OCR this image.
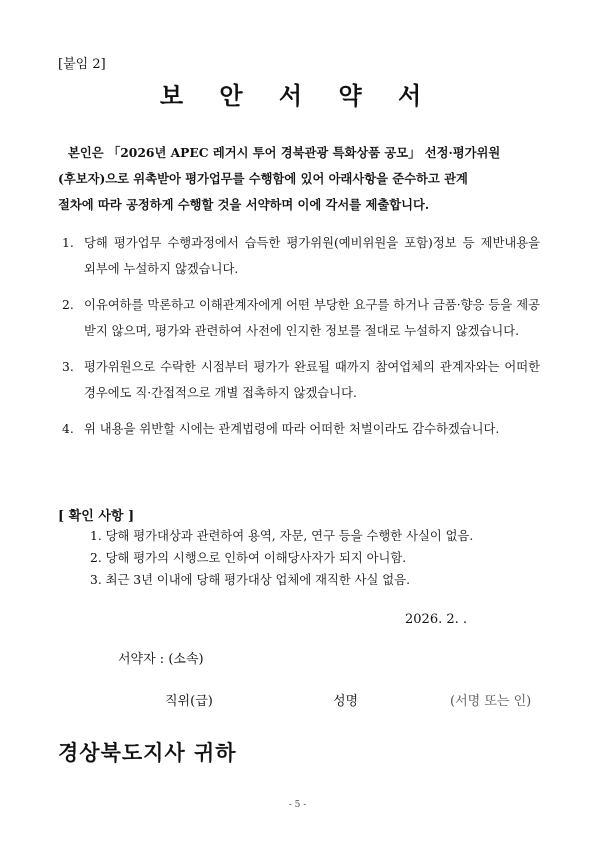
[붙임 2]
보 안 서 약 서

본인은 「2026년 APEC 레거시 투어 경북관광 특화상품 공모」 선정·평가위원

(후보자)으로 위촉받아 평가업무를 수행함에 있어 아래사항을 준수하고 관계

절차에 따라 공정하게 수행할 것을 서약하며 이에 각서를 제출합니다.

1. 당해 평가업무 수행과정에서 습득한 평가위원(예비위원을 포함)정보 등 제반내용을 외부에 누설하지 않겠습니다.
2. 이유여하를 막론하고 이해관계자에게 어떤 부당한 요구를 하거나 금품·향응 등을 제공받지 않으며, 평가와 관련하여 사전에 인지한 정보를 절대로 누설하지 않겠습니다.
3. 평가위원으로 수락한 시점부터 평가가 완료될 때까지 참여업체의 관계자와는 어떠한 경우에도 직·간접적으로 개별 접촉하지 않겠습니다.
4. 위 내용을 위반할 시에는 관계법령에 따라 어떠한 처벌이라도 감수하겠습니다.
[ 확인 사항 ]
1. 당해 평가대상과 관련하여 용역, 자문, 연구 등을 수행한 사실이 없음.
2. 당해 평가의 시행으로 인하여 이해당사자가 되지 아니함.
3. 최근 3년 이내에 당해 평가대상 업체에 재직한 사실 없음.
2026. 2. .
서약자 : (소속)
직위(급)	성명	(서명 또는 인)
경상북도지사 귀하
- 5 -
